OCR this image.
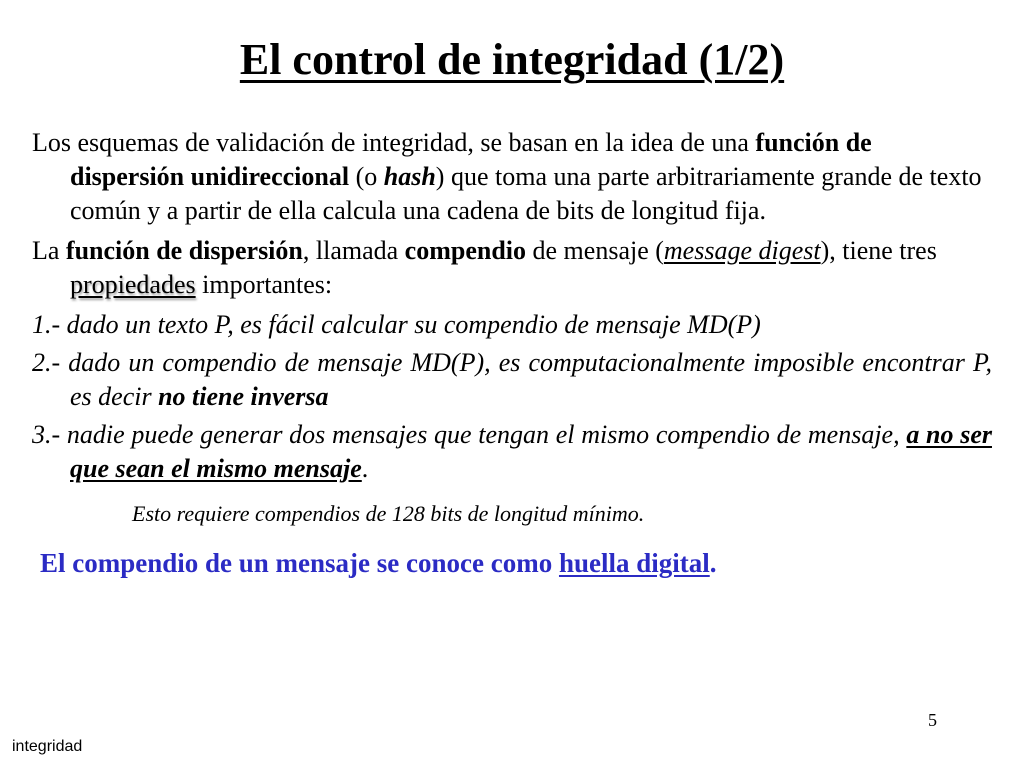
El control de integridad (1/2)

Los esquemas de validación de integridad, se basan en la idea de una función de dispersión unidireccional (o hash) que toma una parte arbitrariamente grande de texto común y a partir de ella calcula una cadena de bits de longitud fija.

La función de dispersión, llamada compendio de mensaje (message digest), tiene tres propiedades importantes:

1.- dado un texto P, es fácil calcular su compendio de mensaje MD(P)

2.- dado un compendio de mensaje MD(P), es computacionalmente imposible encontrar P, es decir no tiene inversa

3.- nadie puede generar dos mensajes que tengan el mismo compendio de mensaje, a no ser que sean el mismo mensaje.

Esto requiere compendios de 128 bits de longitud mínimo.

El compendio de un mensaje se conoce como huella digital.

5
integridad
